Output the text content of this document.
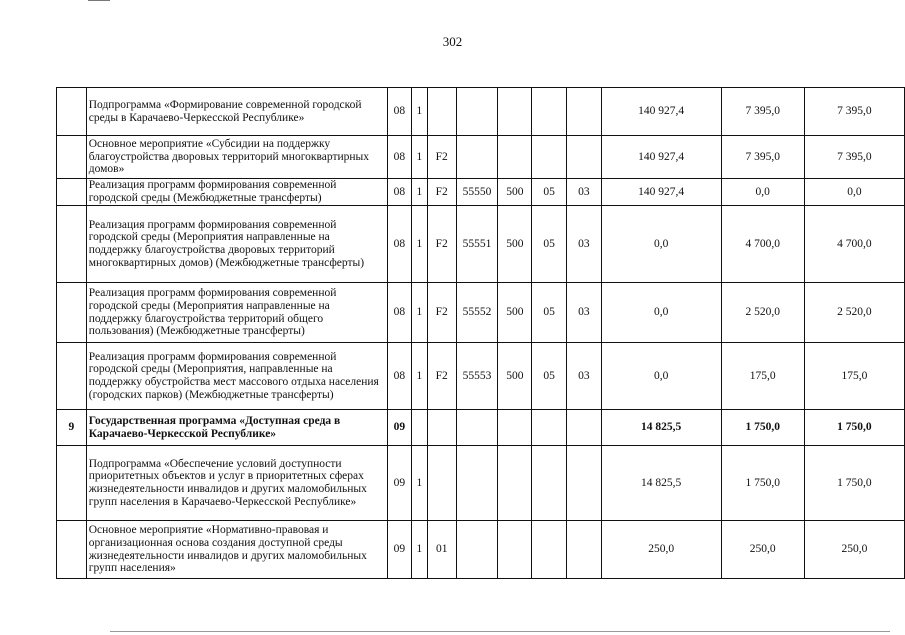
302
	Подпрограмма «Формирование современной городской среды в Карачаево-Черкесской Республике»	08	1						140 927,4	7 395,0	7 395,0
	Основное мероприятие «Субсидии на поддержку благоустройства дворовых территорий многоквартирных домов»	08	1	F2					140 927,4	7 395,0	7 395,0
	Реализация программ формирования современной городской среды (Межбюджетные трансферты)	08	1	F2	55550	500	05	03	140 927,4	0,0	0,0
	Реализация программ формирования современной городской среды (Мероприятия направленные на поддержку благоустройства дворовых территорий многоквартирных домов) (Межбюджетные трансферты)	08	1	F2	55551	500	05	03	0,0	4 700,0	4 700,0
	Реализация программ формирования современной городской среды (Мероприятия направленные на поддержку благоустройства территорий общего пользования) (Межбюджетные трансферты)	08	1	F2	55552	500	05	03	0,0	2 520,0	2 520,0
	Реализация программ формирования современной городской среды (Мероприятия, направленные на поддержку обустройства мест массового отдыха населения (городских парков) (Межбюджетные трансферты)	08	1	F2	55553	500	05	03	0,0	175,0	175,0
9	Государственная программа «Доступная среда в Карачаево-Черкесской Республике»	09							14 825,5	1 750,0	1 750,0
	Подпрограмма «Обеспечение условий доступности приоритетных объектов и услуг в приоритетных сферах жизнедеятельности инвалидов и других маломобильных групп населения в Карачаево-Черкесской Республике»	09	1						14 825,5	1 750,0	1 750,0
	Основное мероприятие «Нормативно-правовая и организационная основа создания доступной среды жизнедеятельности инвалидов и других маломобильных групп населения»	09	1	01					250,0	250,0	250,0
